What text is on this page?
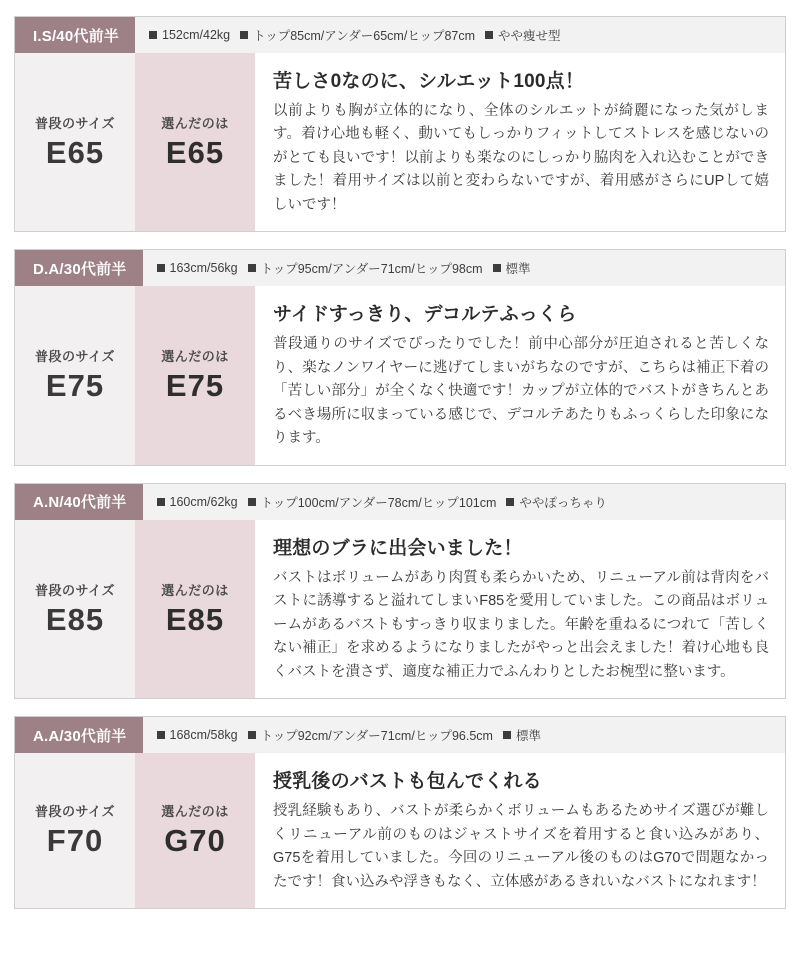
I.S/40代前半	152cm/42kg トップ85cm/アンダー65cm/ヒップ87cm やや痩せ型
普段のサイズ
E65
選んだのは
E65

苦しさ0なのに、シルエット100点！

以前よりも胸が立体的になり、全体のシルエットが綺麗になった気がします。着け心地も軽く、動いてもしっかりフィットしてストレスを感じないのがとても良いです！以前よりも楽なのにしっかり脇肉を入れ込むことができました！着用サイズは以前と変わらないですが、着用感がさらにUPして嬉しいです！

D.A/30代前半	163cm/56kg トップ95cm/アンダー71cm/ヒップ98cm 標準
普段のサイズ
E75
選んだのは
E75

サイドすっきり、デコルテふっくら

普段通りのサイズでぴったりでした！前中心部分が圧迫されると苦しくなり、楽なノンワイヤーに逃げてしまいがちなのですが、こちらは補正下着の「苦しい部分」が全くなく快適です！カップが立体的でバストがきちんとあるべき場所に収まっている感じで、デコルテあたりもふっくらした印象になります。

A.N/40代前半	160cm/62kg トップ100cm/アンダー78cm/ヒップ101cm ややぽっちゃり
普段のサイズ
E85
選んだのは
E85

理想のブラに出会いました！

バストはボリュームがあり肉質も柔らかいため、リニューアル前は背肉をバストに誘導すると溢れてしまいF85を愛用していました。この商品はボリュームがあるバストもすっきり収まりました。年齢を重ねるにつれて「苦しくない補正」を求めるようになりましたがやっと出会えました！着け心地も良くバストを潰さず、適度な補正力でふんわりとしたお椀型に整います。

A.A/30代前半	168cm/58kg トップ92cm/アンダー71cm/ヒップ96.5cm 標準
普段のサイズ
F70
選んだのは
G70

授乳後のバストも包んでくれる

授乳経験もあり、バストが柔らかくボリュームもあるためサイズ選びが難しくリニューアル前のものはジャストサイズを着用すると食い込みがあり、G75を着用していました。今回のリニューアル後のものはG70で問題なかったです！食い込みや浮きもなく、立体感があるきれいなバストになれます！
